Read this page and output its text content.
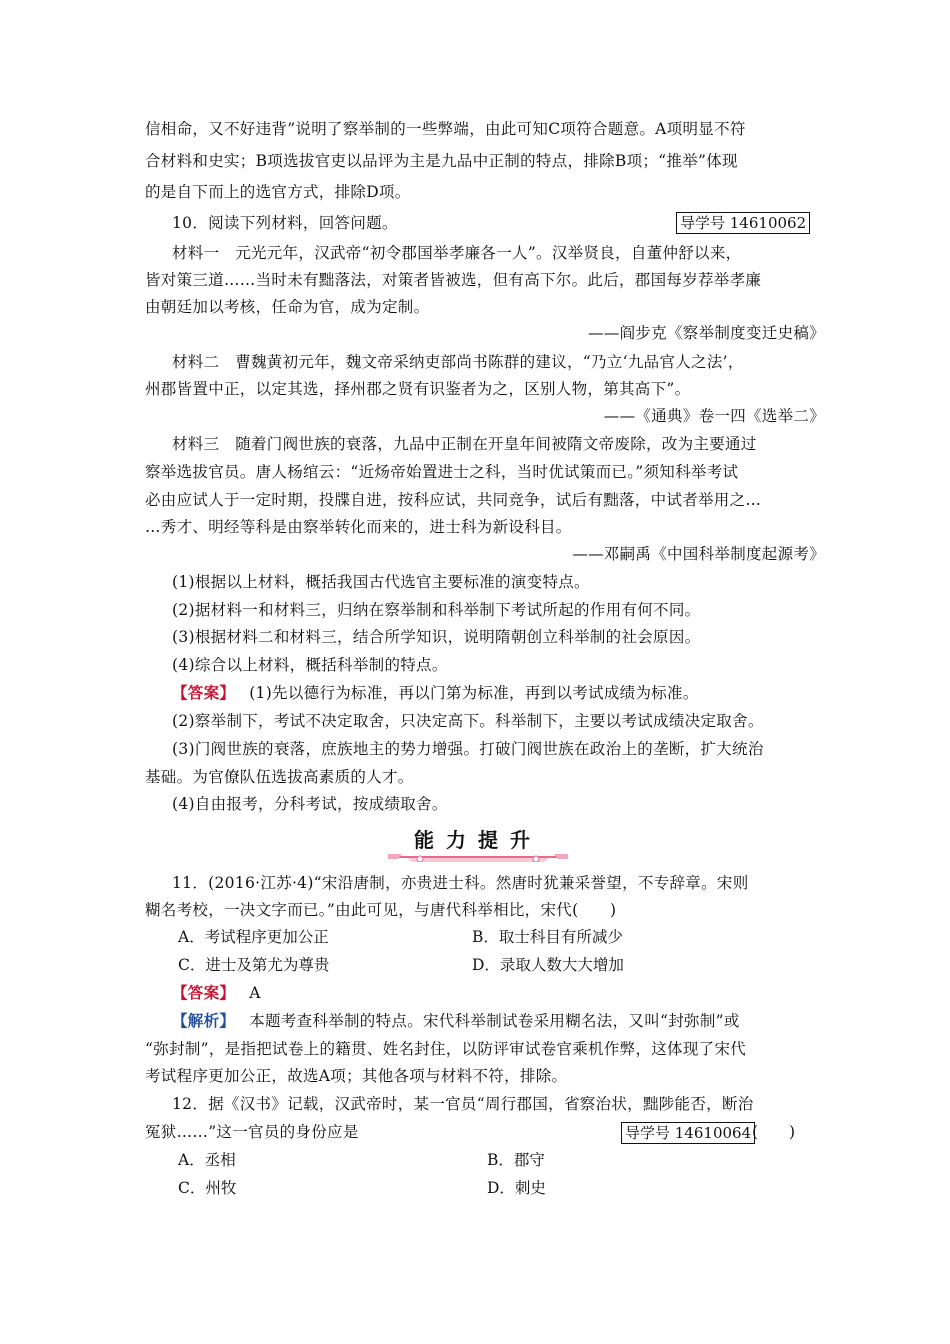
信相命，又不好违背”说明了察举制的一些弊端，由此可知C项符合题意。A项明显不符
合材料和史实；B项选拔官吏以品评为主是九品中正制的特点，排除B项；“推举”体现
的是自下而上的选官方式，排除D项。
10．阅读下列材料，回答问题。	导学号 14610062
材料一　元光元年，汉武帝“初令郡国举孝廉各一人”。汉举贤良，自董仲舒以来，
皆对策三道……当时未有黜落法，对策者皆被选，但有高下尔。此后，郡国每岁荐举孝廉
由朝廷加以考核，任命为官，成为定制。
——阎步克《察举制度变迁史稿》
材料二　曹魏黄初元年，魏文帝采纳吏部尚书陈群的建议，“乃立‘九品官人之法’，
州郡皆置中正，以定其选，择州郡之贤有识鉴者为之，区别人物，第其高下”。
——《通典》卷一四《选举二》
材料三　随着门阀世族的衰落，九品中正制在开皇年间被隋文帝废除，改为主要通过
察举选拔官员。唐人杨绾云：“近炀帝始置进士之科，当时优试策而已。”须知科举考试
必由应试人于一定时期，投牒自进，按科应试，共同竞争，试后有黜落，中试者举用之…
…秀才、明经等科是由察举转化而来的，进士科为新设科目。
——邓嗣禹《中国科举制度起源考》
(1)根据以上材料，概括我国古代选官主要标准的演变特点。
(2)据材料一和材料三，归纳在察举制和科举制下考试所起的作用有何不同。
(3)根据材料二和材料三，结合所学知识，说明隋朝创立科举制的社会原因。
(4)综合以上材料，概括科举制的特点。
【答案】 (1)先以德行为标准，再以门第为标准，再到以考试成绩为标准。
(2)察举制下，考试不决定取舍，只决定高下。科举制下，主要以考试成绩决定取舍。
(3)门阀世族的衰落，庶族地主的势力增强。打破门阀世族在政治上的垄断，扩大统治
基础。为官僚队伍选拔高素质的人才。
(4)自由报考，分科考试，按成绩取舍。
能力提升
11．(2016·江苏·4)“宋沿唐制，亦贵进士科。然唐时犹兼采誉望，不专辞章。宋则
糊名考校，一决文字而已。”由此可见，与唐代科举相比，宋代(　　)
A．考试程序更加公正	B．取士科目有所减少
C．进士及第尤为尊贵	D．录取人数大大增加
【答案】 A
【解析】 本题考查科举制的特点。宋代科举制试卷采用糊名法，又叫“封弥制”或
“弥封制”，是指把试卷上的籍贯、姓名封住，以防评审试卷官乘机作弊，这体现了宋代
考试程序更加公正，故选A项；其他各项与材料不符，排除。
12．据《汉书》记载，汉武帝时，某一官员“周行郡国，省察治状，黜陟能否，断治
冤狱……”这一官员的身份应是	导学号 14610064 (　　)
A．丞相	B．郡守
C．州牧	D．刺史
